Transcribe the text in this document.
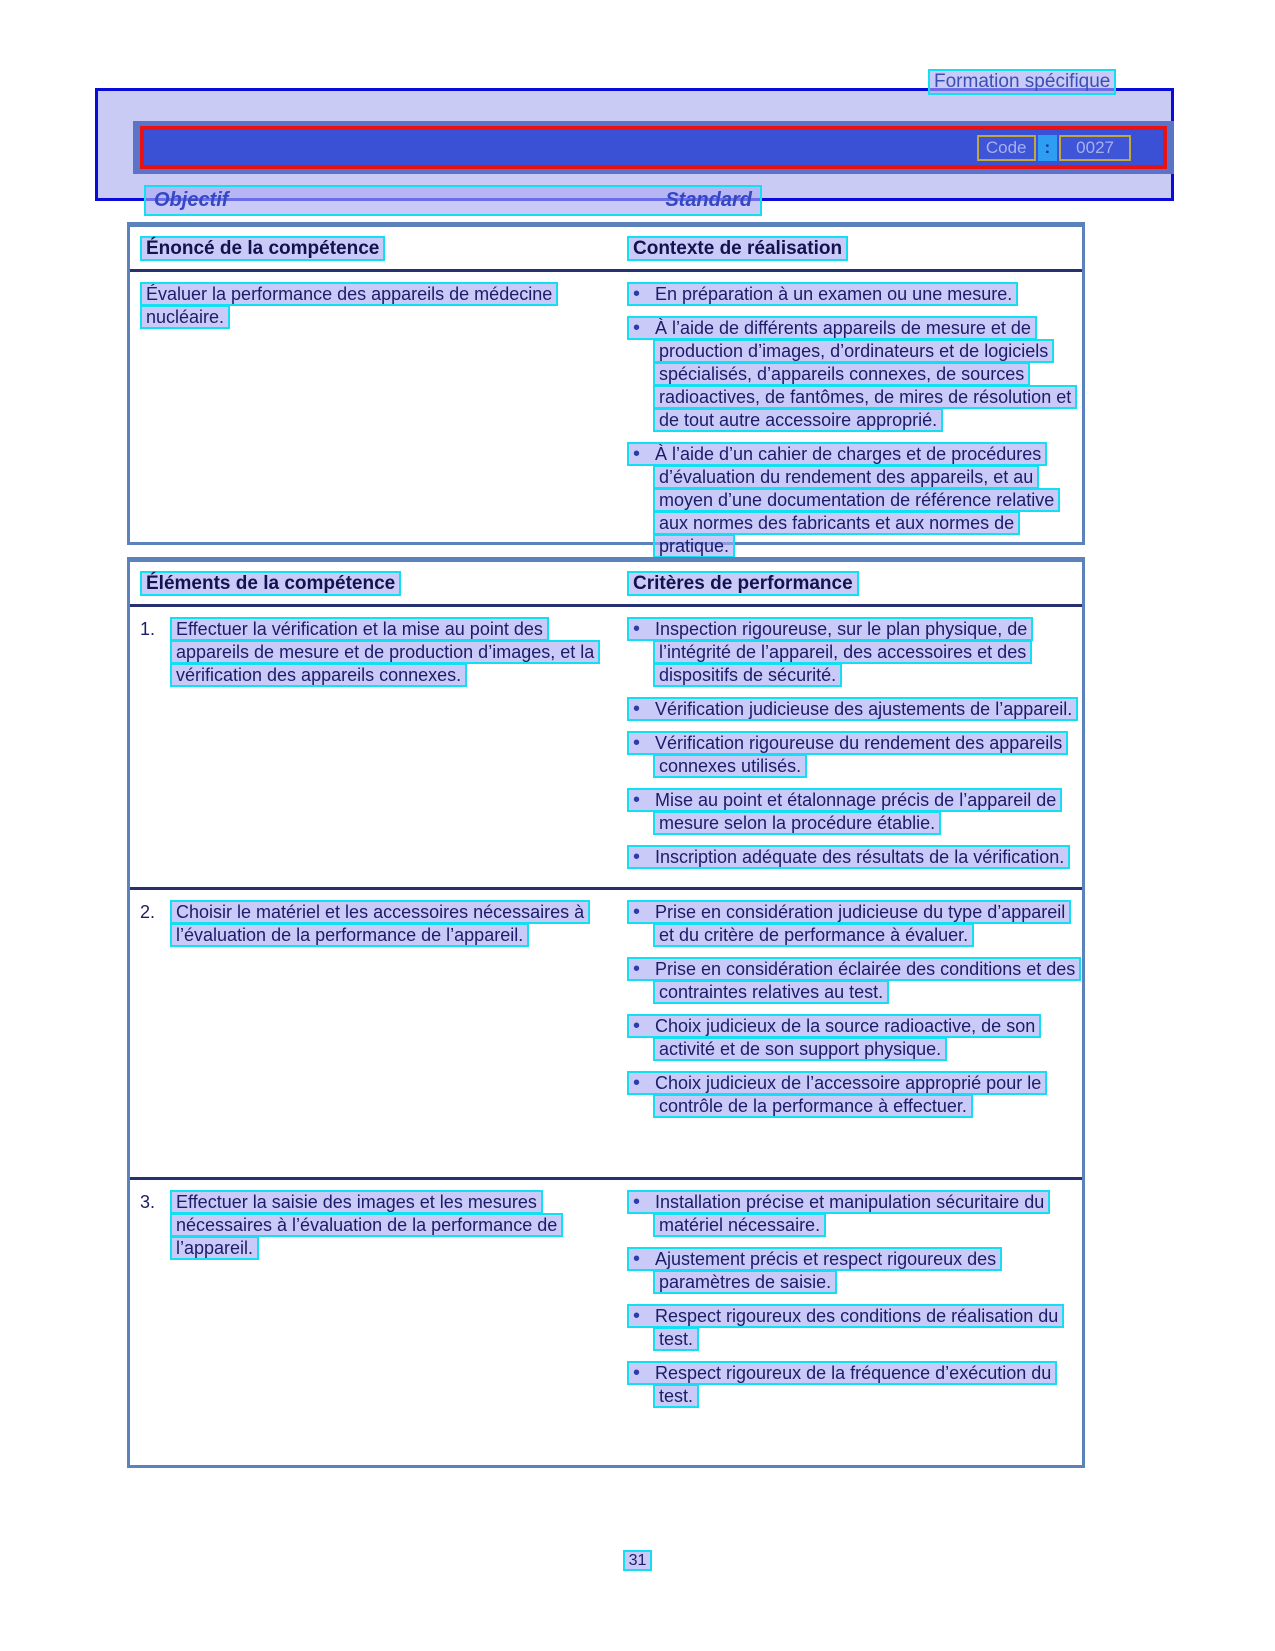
Formation spécifique
Code	:	0027
Objectif	Standard
Énoncé de la compétence	Contexte de réalisation
Évaluer la performance des appareils de médecine nucléaire.
• En préparation à un examen ou une mesure.
• À l’aide de différents appareils de mesure et de production d’images, d’ordinateurs et de logiciels spécialisés, d’appareils connexes, de sources radioactives, de fantômes, de mires de résolution et de tout autre accessoire approprié.
• À l’aide d’un cahier de charges et de procédures d’évaluation du rendement des appareils, et au moyen d’une documentation de référence relative aux normes des fabricants et aux normes de pratique.
Éléments de la compétence	Critères de performance
1. Effectuer la vérification et la mise au point des appareils de mesure et de production d’images, et la vérification des appareils connexes.
• Inspection rigoureuse, sur le plan physique, de l’intégrité de l’appareil, des accessoires et des dispositifs de sécurité.
• Vérification judicieuse des ajustements de l’appareil.
• Vérification rigoureuse du rendement des appareils connexes utilisés.
• Mise au point et étalonnage précis de l’appareil de mesure selon la procédure établie.
• Inscription adéquate des résultats de la vérification.
2. Choisir le matériel et les accessoires nécessaires à l’évaluation de la performance de l’appareil.
• Prise en considération judicieuse du type d’appareil et du critère de performance à évaluer.
• Prise en considération éclairée des conditions et des contraintes relatives au test.
• Choix judicieux de la source radioactive, de son activité et de son support physique.
• Choix judicieux de l’accessoire approprié pour le contrôle de la performance à effectuer.
3. Effectuer la saisie des images et les mesures nécessaires à l’évaluation de la performance de l’appareil.
• Installation précise et manipulation sécuritaire du matériel nécessaire.
• Ajustement précis et respect rigoureux des paramètres de saisie.
• Respect rigoureux des conditions de réalisation du test.
• Respect rigoureux de la fréquence d’exécution du test.
31
